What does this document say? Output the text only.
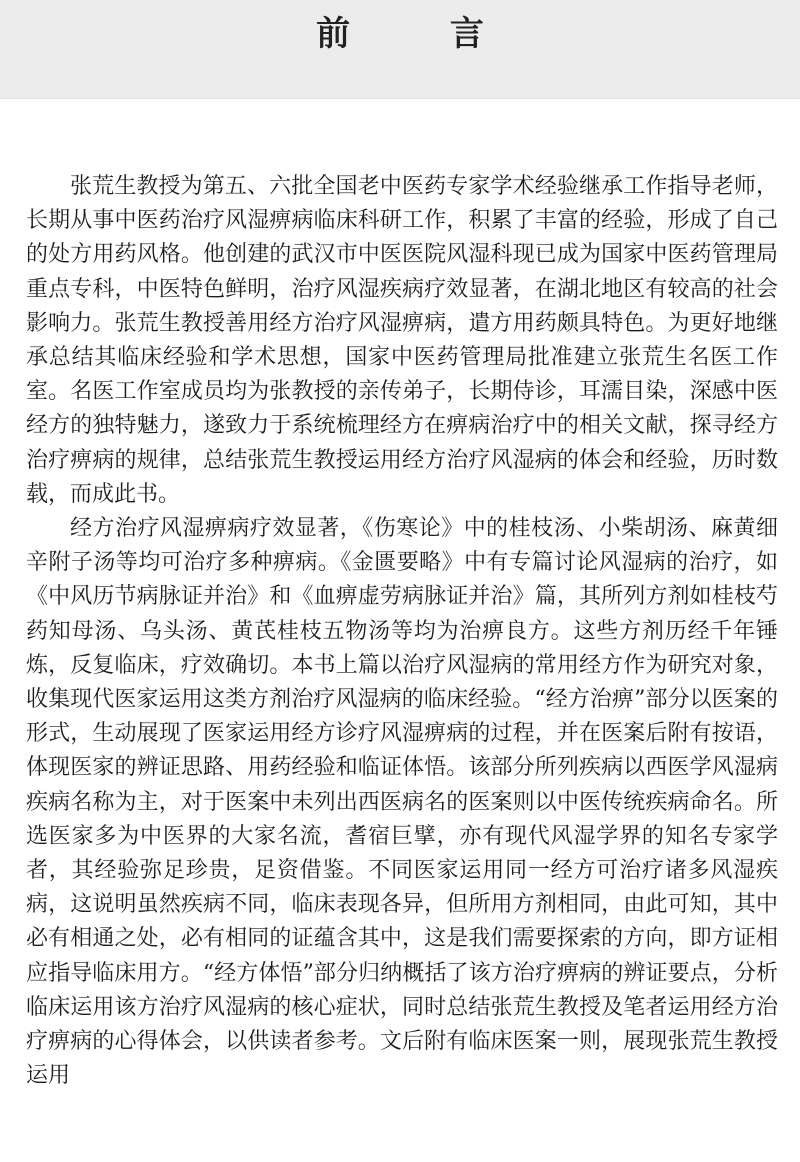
前 言

张荒生教授为第五、六批全国老中医药专家学术经验继承工作指导老师，长期从事中医药治疗风湿痹病临床科研工作，积累了丰富的经验，形成了自己的处方用药风格。他创建的武汉市中医医院风湿科现已成为国家中医药管理局重点专科，中医特色鲜明，治疗风湿疾病疗效显著，在湖北地区有较高的社会影响力。张荒生教授善用经方治疗风湿痹病，遣方用药颇具特色。为更好地继承总结其临床经验和学术思想，国家中医药管理局批准建立张荒生名医工作室。名医工作室成员均为张教授的亲传弟子，长期侍诊，耳濡目染，深感中医经方的独特魅力，遂致力于系统梳理经方在痹病治疗中的相关文献，探寻经方治疗痹病的规律，总结张荒生教授运用经方治疗风湿病的体会和经验，历时数载，而成此书。

经方治疗风湿痹病疗效显著，《伤寒论》中的桂枝汤、小柴胡汤、麻黄细辛附子汤等均可治疗多种痹病。《金匮要略》中有专篇讨论风湿病的治疗，如《中风历节病脉证并治》和《血痹虚劳病脉证并治》篇，其所列方剂如桂枝芍药知母汤、乌头汤、黄芪桂枝五物汤等均为治痹良方。这些方剂历经千年锤炼，反复临床，疗效确切。本书上篇以治疗风湿病的常用经方作为研究对象，收集现代医家运用这类方剂治疗风湿病的临床经验。“经方治痹”部分以医案的形式，生动展现了医家运用经方诊疗风湿痹病的过程，并在医案后附有按语，体现医家的辨证思路、用药经验和临证体悟。该部分所列疾病以西医学风湿病疾病名称为主，对于医案中未列出西医病名的医案则以中医传统疾病命名。所选医家多为中医界的大家名流，耆宿巨擘，亦有现代风湿学界的知名专家学者，其经验弥足珍贵，足资借鉴。不同医家运用同一经方可治疗诸多风湿疾病，这说明虽然疾病不同，临床表现各异，但所用方剂相同，由此可知，其中必有相通之处，必有相同的证蕴含其中，这是我们需要探索的方向，即方证相应指导临床用方。“经方体悟”部分归纳概括了该方治疗痹病的辨证要点，分析临床运用该方治疗风湿病的核心症状，同时总结张荒生教授及笔者运用经方治疗痹病的心得体会，以供读者参考。文后附有临床医案一则，展现张荒生教授运用
